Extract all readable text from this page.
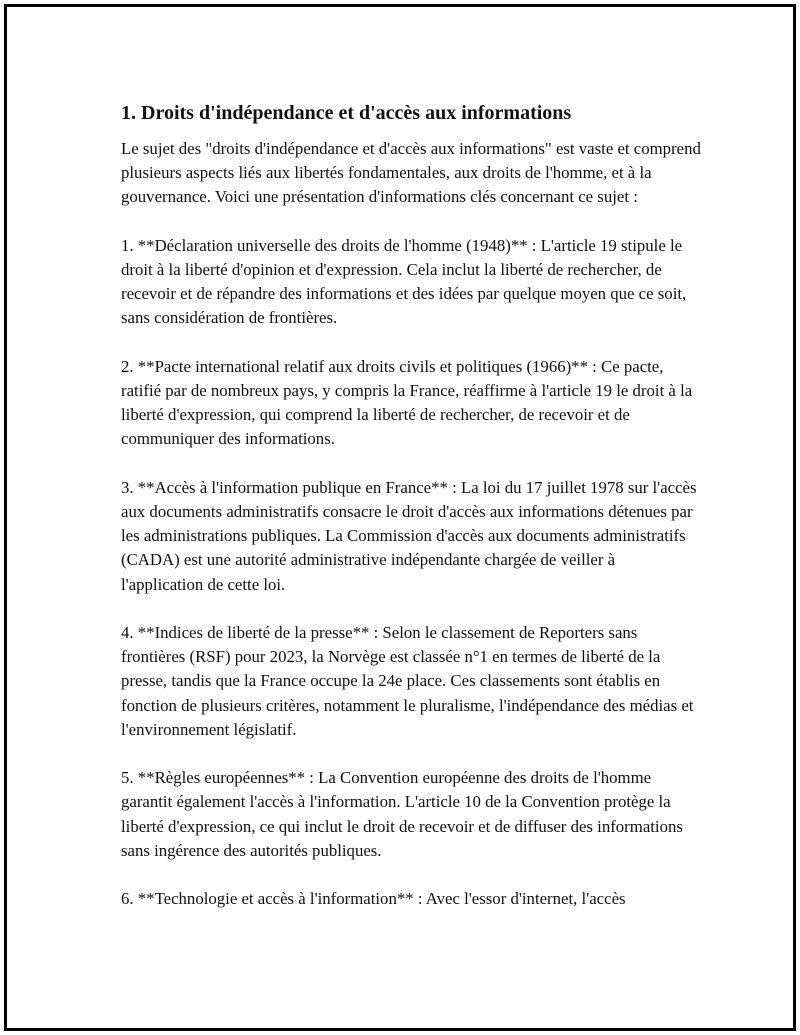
1. Droits d'indépendance et d'accès aux informations

Le sujet des "droits d'indépendance et d'accès aux informations" est vaste et comprend plusieurs aspects liés aux libertés fondamentales, aux droits de l'homme, et à la gouvernance. Voici une présentation d'informations clés concernant ce sujet :

1. **Déclaration universelle des droits de l'homme (1948)** : L'article 19 stipule le droit à la liberté d'opinion et d'expression. Cela inclut la liberté de rechercher, de recevoir et de répandre des informations et des idées par quelque moyen que ce soit, sans considération de frontières.

2. **Pacte international relatif aux droits civils et politiques (1966)** : Ce pacte, ratifié par de nombreux pays, y compris la France, réaffirme à l'article 19 le droit à la liberté d'expression, qui comprend la liberté de rechercher, de recevoir et de communiquer des informations.

3. **Accès à l'information publique en France** : La loi du 17 juillet 1978 sur l'accès aux documents administratifs consacre le droit d'accès aux informations détenues par les administrations publiques. La Commission d'accès aux documents administratifs (CADA) est une autorité administrative indépendante chargée de veiller à l'application de cette loi.

4. **Indices de liberté de la presse** : Selon le classement de Reporters sans frontières (RSF) pour 2023, la Norvège est classée n°1 en termes de liberté de la presse, tandis que la France occupe la 24e place. Ces classements sont établis en fonction de plusieurs critères, notamment le pluralisme, l'indépendance des médias et l'environnement législatif.

5. **Règles européennes** : La Convention européenne des droits de l'homme garantit également l'accès à l'information. L'article 10 de la Convention protège la liberté d'expression, ce qui inclut le droit de recevoir et de diffuser des informations sans ingérence des autorités publiques.

6. **Technologie et accès à l'information** : Avec l'essor d'internet, l'accès
